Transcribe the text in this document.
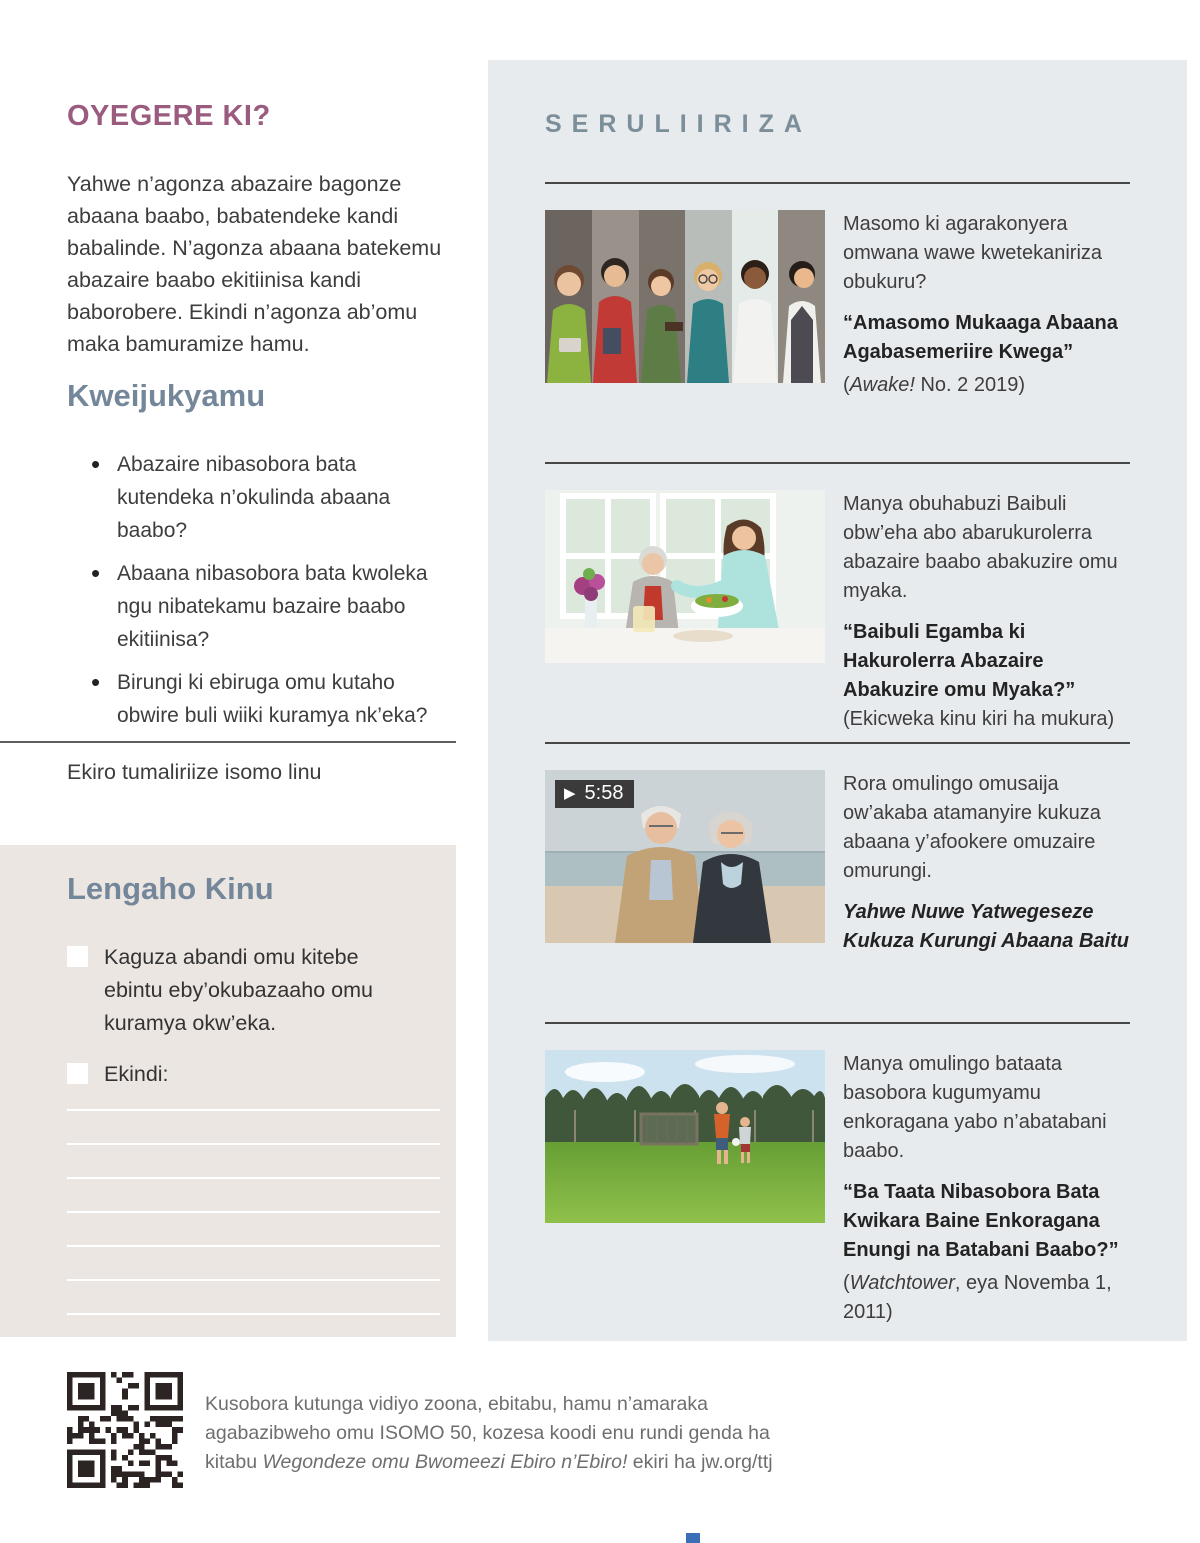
OYEGERE KI?

Yahwe n’agonza abazaire bagonze abaana baabo, babatendeke kandi babalinde. N’agonza abaana batekemu abazaire baabo ekitiinisa kandi baborobere. Ekindi n’agonza ab’omu maka bamuramize hamu.

Kweijukyamu
• Abazaire nibasobora bata kutendeka n’okulinda abaana baabo?
• Abaana nibasobora bata kwoleka ngu nibatekamu bazaire baabo ekitiinisa?
• Birungi ki ebiruga omu kutaho obwire buli wiiki kuramya nk’eka?

Ekiro tumaliriize isomo linu

Lengaho Kinu

Kaguza abandi omu kitebe ebintu eby’okubazaaho omu kuramya okw’eka.

Ekindi:

Kusobora kutunga vidiyo zoona, ebitabu, hamu n’amaraka agabazibweho omu ISOMO 50, kozesa koodi enu rundi genda ha kitabu Wegondeze omu Bwomeezi Ebiro n’Ebiro! ekiri ha jw.org/ttj

SERULIIRIZA

Masomo ki agarakonyera omwana wawe kwetekaniriza obukuru?

“Amasomo Mukaaga Abaana Agabasemeriire Kwega”

(Awake! No. 2 2019)

Manya obuhabuzi Baibuli obw’eha abo abarukurolerra abazaire baabo abakuzire omu myaka.

“Baibuli Egamba ki Hakurolerra Abazaire Abakuzire omu Myaka?” (Ekicweka kinu kiri ha mukura)

▶ 5:58	Rora omulingo omusaija ow’akaba atamanyire kukuza abaana y’afookere omuzaire omurungi.

Yahwe Nuwe Yatwegeseze Kukuza Kurungi Abaana Baitu

Manya omulingo bataata basobora kugumyamu enkoragana yabo n’abatabani baabo.

“Ba Taata Nibasobora Bata Kwikara Baine Enkoragana Enungi na Batabani Baabo?”

(Watchtower, eya Novemba 1, 2011)
